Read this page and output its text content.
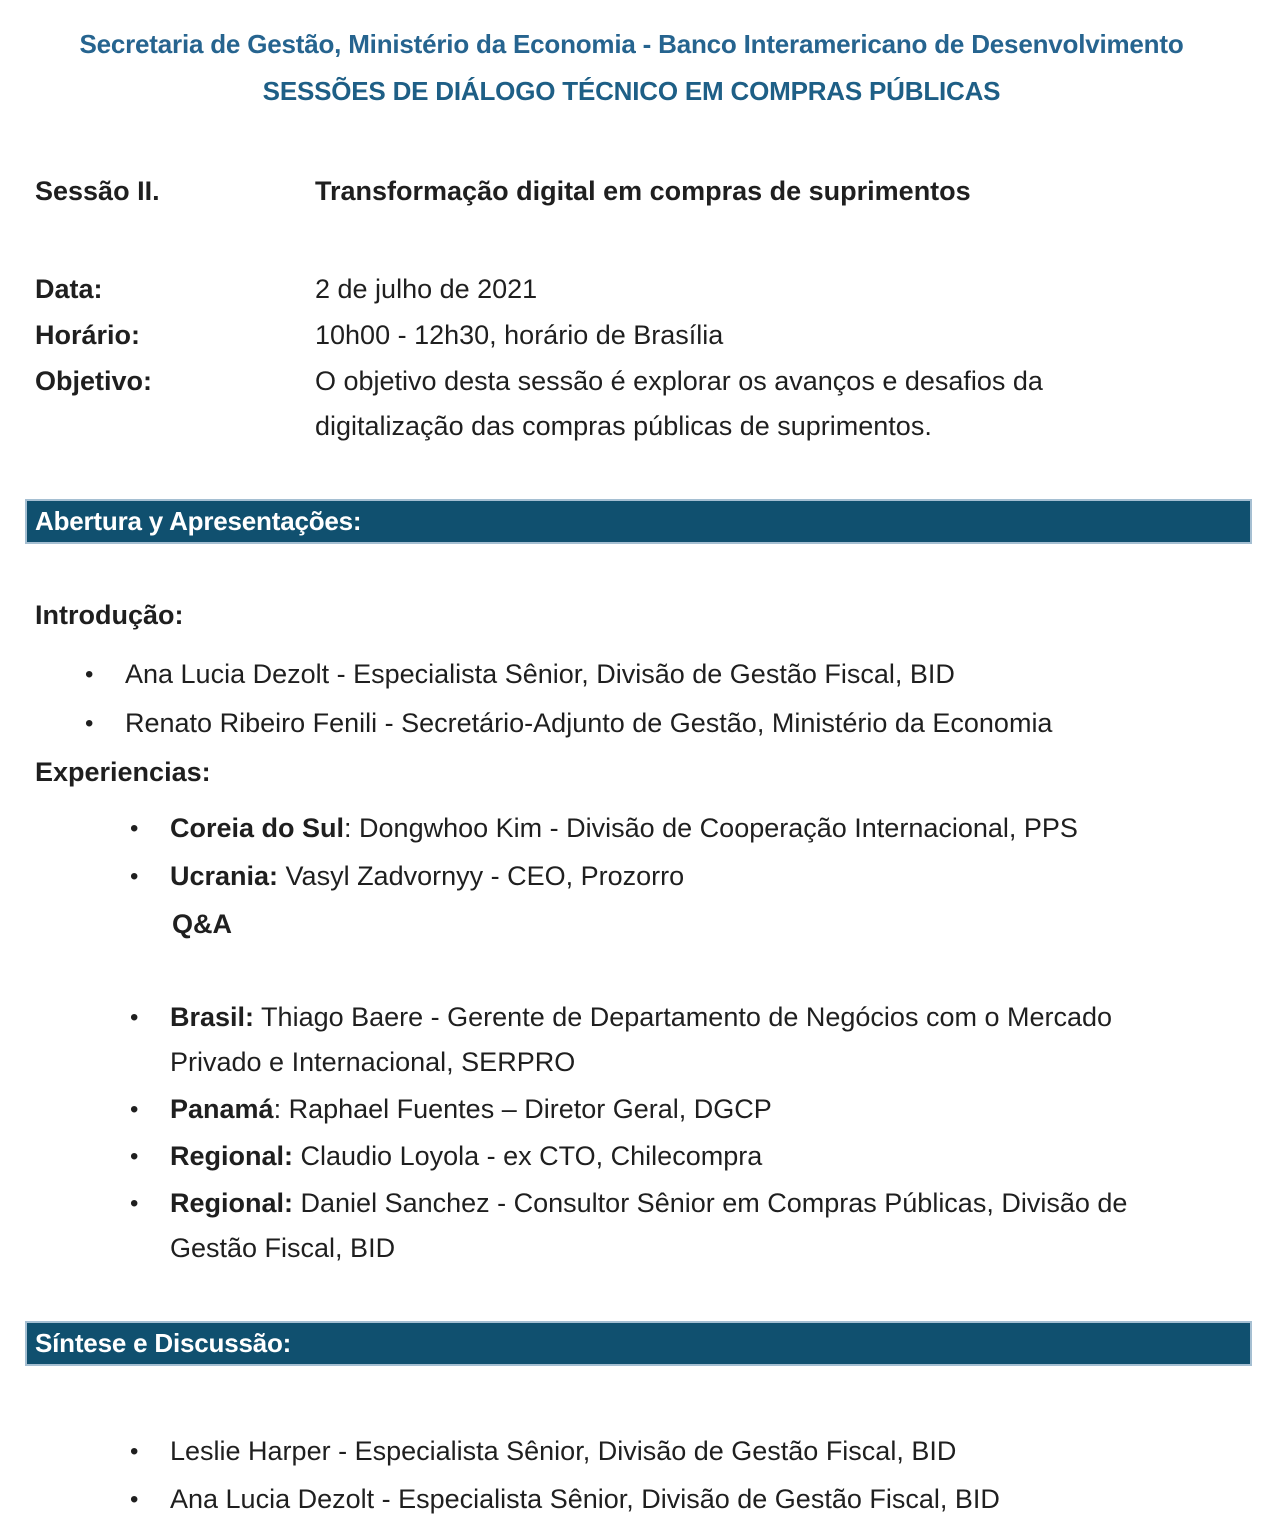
Secretaria de Gestão, Ministério da Economia - Banco Interamericano de Desenvolvimento
SESSÕES DE DIÁLOGO TÉCNICO EM COMPRAS PÚBLICAS
Sessão II.	Transformação digital em compras de suprimentos
Data:	2 de julho de 2021
Horário:	10h00 - 12h30, horário de Brasília
Objetivo:	O objetivo desta sessão é explorar os avanços e desafios da digitalização das compras públicas de suprimentos.
Abertura y Apresentações:
Introdução:
•	Ana Lucia Dezolt - Especialista Sênior, Divisão de Gestão Fiscal, BID
•	Renato Ribeiro Fenili - Secretário-Adjunto de Gestão, Ministério da Economia
Experiencias:
•	Coreia do Sul: Dongwhoo Kim - Divisão de Cooperação Internacional, PPS
•	Ucrania: Vasyl Zadvornyy - CEO, Prozorro
Q&A
•	Brasil: Thiago Baere - Gerente de Departamento de Negócios com o Mercado Privado e Internacional, SERPRO
•	Panamá: Raphael Fuentes – Diretor Geral, DGCP
•	Regional: Claudio Loyola - ex CTO, Chilecompra
•	Regional: Daniel Sanchez - Consultor Sênior em Compras Públicas, Divisão de Gestão Fiscal, BID
Síntese e Discussão:
•	Leslie Harper - Especialista Sênior, Divisão de Gestão Fiscal, BID
•	Ana Lucia Dezolt - Especialista Sênior, Divisão de Gestão Fiscal, BID
